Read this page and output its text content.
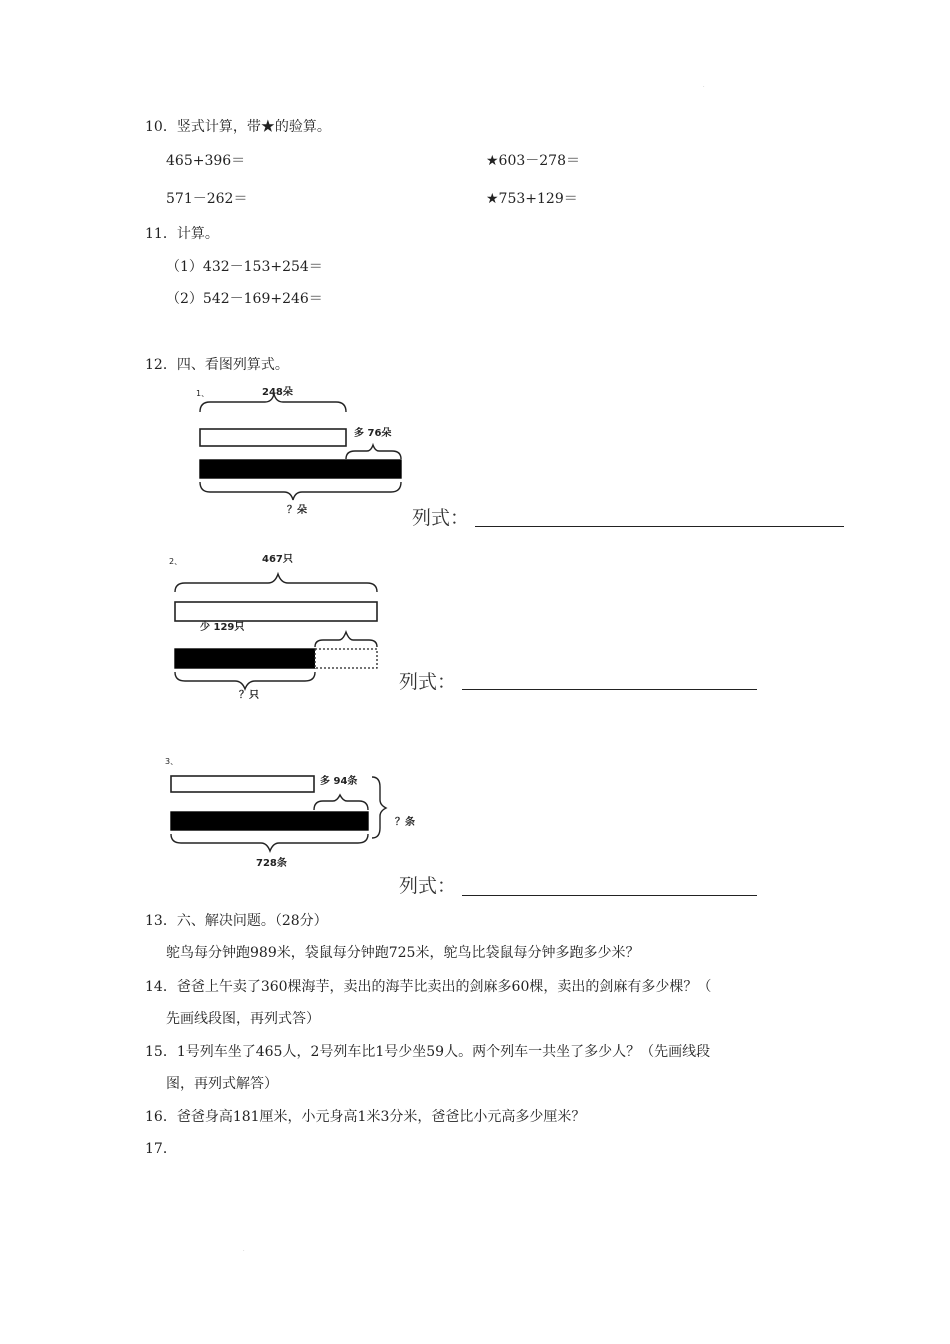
·
10．竖式计算，带★的验算。
465+396＝	★603－278＝
571－262＝	★753+129＝
11．计算。
（1）432－153+254＝
（2）542－169+246＝
12．四、看图列算式。
1、	248朵
多 76朵
？朵	列式：
2、	467只
少 129只
？只
列式：
3、
多 94条
？条
728条
列式：
13．六、解决问题。（28分）
鸵鸟每分钟跑989米，袋鼠每分钟跑725米，鸵鸟比袋鼠每分钟多跑多少米？
14．爸爸上午卖了360棵海芋，卖出的海芋比卖出的剑麻多60棵，卖出的剑麻有多少棵？（
先画线段图，再列式答）
15．1号列车坐了465人，2号列车比1号少坐59人。两个列车一共坐了多少人？（先画线段
图，再列式解答）
16．爸爸身高181厘米，小元身高1米3分米，爸爸比小元高多少厘米？
17．
·
